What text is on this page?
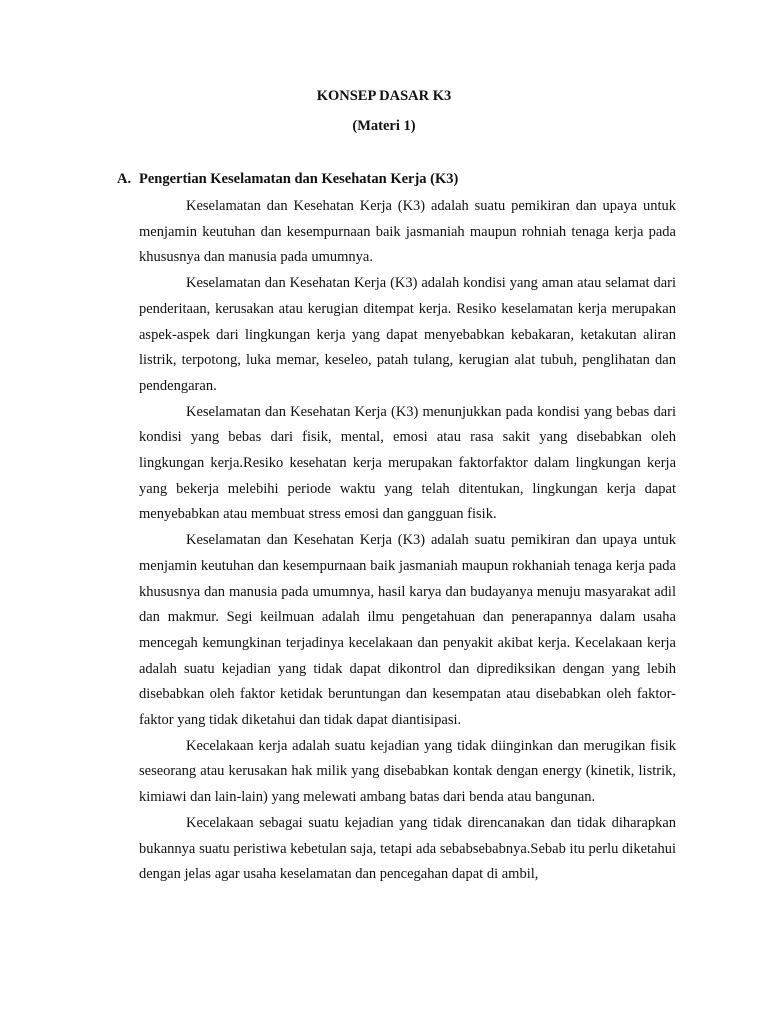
KONSEP DASAR K3
(Materi 1)
A. Pengertian Keselamatan dan Kesehatan Kerja (K3)

Keselamatan dan Kesehatan Kerja (K3) adalah suatu pemikiran dan upaya untuk menjamin keutuhan dan kesempurnaan baik jasmaniah maupun rohniah tenaga kerja pada khususnya dan manusia pada umumnya.

Keselamatan dan Kesehatan Kerja (K3) adalah kondisi yang aman atau selamat dari penderitaan, kerusakan atau kerugian ditempat kerja. Resiko keselamatan kerja merupakan aspek-aspek dari lingkungan kerja yang dapat menyebabkan kebakaran, ketakutan aliran listrik, terpotong, luka memar, keseleo, patah tulang, kerugian alat tubuh, penglihatan dan pendengaran.

Keselamatan dan Kesehatan Kerja (K3) menunjukkan pada kondisi yang bebas dari kondisi yang bebas dari fisik, mental, emosi atau rasa sakit yang disebabkan oleh lingkungan kerja.Resiko kesehatan kerja merupakan faktorfaktor dalam lingkungan kerja yang bekerja melebihi periode waktu yang telah ditentukan, lingkungan kerja dapat menyebabkan atau membuat stress emosi dan gangguan fisik.

Keselamatan dan Kesehatan Kerja (K3) adalah suatu pemikiran dan upaya untuk menjamin keutuhan dan kesempurnaan baik jasmaniah maupun rokhaniah tenaga kerja pada khususnya dan manusia pada umumnya, hasil karya dan budayanya menuju masyarakat adil dan makmur. Segi keilmuan adalah ilmu pengetahuan dan penerapannya dalam usaha mencegah kemungkinan terjadinya kecelakaan dan penyakit akibat kerja. Kecelakaan kerja adalah suatu kejadian yang tidak dapat dikontrol dan diprediksikan dengan yang lebih disebabkan oleh faktor ketidak beruntungan dan kesempatan atau disebabkan oleh faktor-faktor yang tidak diketahui dan tidak dapat diantisipasi.

Kecelakaan kerja adalah suatu kejadian yang tidak diinginkan dan merugikan fisik seseorang atau kerusakan hak milik yang disebabkan kontak dengan energy (kinetik, listrik, kimiawi dan lain-lain) yang melewati ambang batas dari benda atau bangunan.

Kecelakaan sebagai suatu kejadian yang tidak direncanakan dan tidak diharapkan bukannya suatu peristiwa kebetulan saja, tetapi ada sebabsebabnya.Sebab itu perlu diketahui dengan jelas agar usaha keselamatan dan pencegahan dapat di ambil,
